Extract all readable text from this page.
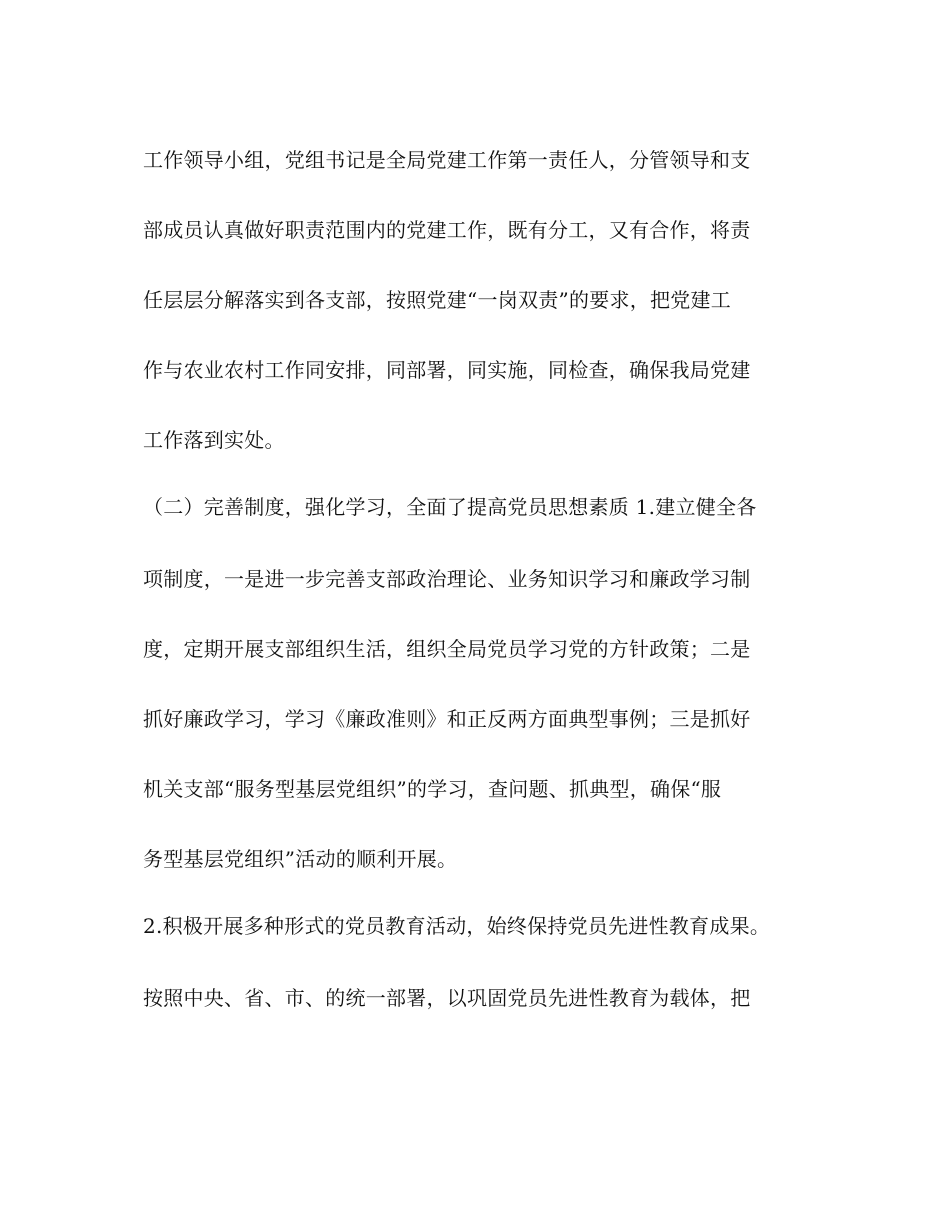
工作领导小组，党组书记是全局党建工作第一责任人，分管领导和支
部成员认真做好职责范围内的党建工作，既有分工，又有合作，将责
任层层分解落实到各支部，按照党建“一岗双责”的要求，把党建工
作与农业农村工作同安排，同部署，同实施，同检查，确保我局党建
工作落到实处。
（二）完善制度，强化学习，全面了提高党员思想素质 1.建立健全各
项制度，一是进一步完善支部政治理论、业务知识学习和廉政学习制
度，定期开展支部组织生活，组织全局党员学习党的方针政策；二是
抓好廉政学习，学习《廉政准则》和正反两方面典型事例；三是抓好
机关支部“服务型基层党组织”的学习，查问题、抓典型，确保“服
务型基层党组织”活动的顺利开展。
2.积极开展多种形式的党员教育活动，始终保持党员先进性教育成果。
按照中央、省、市、的统一部署，以巩固党员先进性教育为载体，把
